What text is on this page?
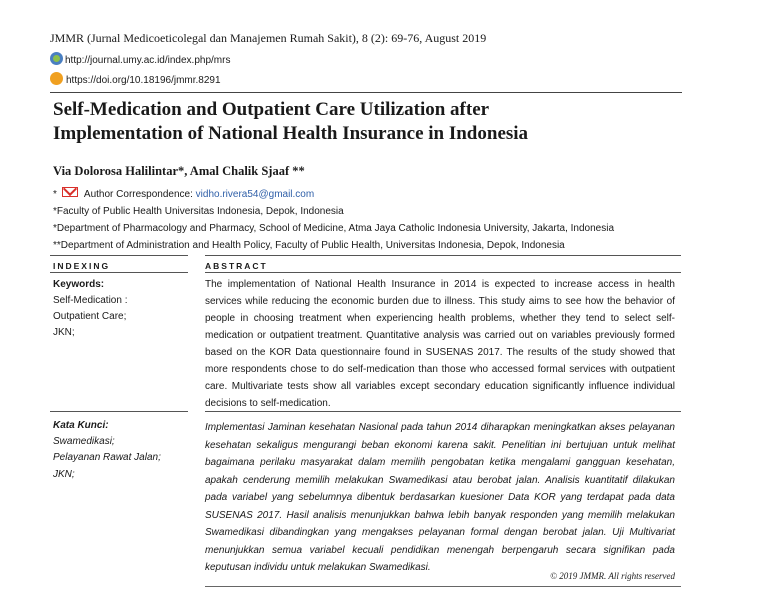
JMMR (Jurnal Medicoeticolegal dan Manajemen Rumah Sakit), 8 (2): 69-76, August 2019
http://journal.umy.ac.id/index.php/mrs
https://doi.org/10.18196/jmmr.8291
Self-Medication and Outpatient Care Utilization after
Implementation of National Health Insurance in Indonesia
Via Dolorosa Halilintar*, Amal Chalik Sjaaf **
*	Author Correspondence: vidho.rivera54@gmail.com
*Faculty of Public Health Universitas Indonesia, Depok, Indonesia
*Department of Pharmacology and Pharmacy, School of Medicine, Atma Jaya Catholic Indonesia University, Jakarta, Indonesia
**Department of Administration and Health Policy, Faculty of Public Health, Universitas Indonesia, Depok, Indonesia
INDEXING	ABSTRACT
Keywords:
Self-Medication :
Outpatient Care;
JKN;
The implementation of National Health Insurance in 2014 is expected to increase access in health services while reducing the economic burden due to illness. This study aims to see how the behavior of people in choosing treatment when experiencing health problems, whether they tend to select self-medication or outpatient treatment. Quantitative analysis was carried out on variables previously formed based on the KOR Data questionnaire found in SUSENAS 2017. The results of the study showed that more respondents chose to do self-medication than those who accessed formal services with outpatient care. Multivariate tests show all variables except secondary education significantly influence individual decisions to self-medication.
Kata Kunci:
Swamedikasi;
Pelayanan Rawat Jalan;
JKN;
Implementasi Jaminan kesehatan Nasional pada tahun 2014 diharapkan meningkatkan akses pelayanan kesehatan sekaligus mengurangi beban ekonomi karena sakit. Penelitian ini bertujuan untuk melihat bagaimana perilaku masyarakat dalam memilih pengobatan ketika mengalami gangguan kesehatan, apakah cenderung memilih melakukan Swamedikasi atau berobat jalan. Analisis kuantitatif dilakukan pada variabel yang sebelumnya dibentuk berdasarkan kuesioner Data KOR yang terdapat pada data SUSENAS 2017. Hasil analisis menunjukkan bahwa lebih banyak responden yang memilih melakukan Swamedikasi dibandingkan yang mengakses pelayanan formal dengan berobat jalan. Uji Multivariat menunjukkan semua variabel kecuali pendidikan menengah berpengaruh secara signifikan pada keputusan individu untuk melakukan Swamedikasi.
© 2019 JMMR. All rights reserved
